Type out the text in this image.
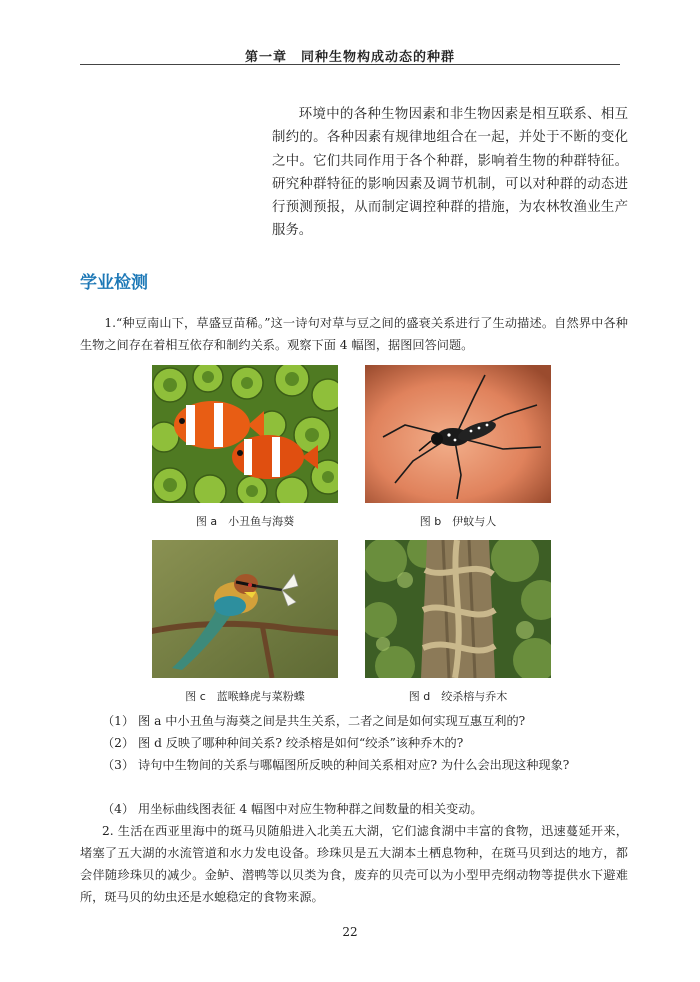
第一章　同种生物构成动态的种群
环境中的各种生物因素和非生物因素是相互联系、相互制约的。各种因素有规律地组合在一起，并处于不断的变化之中。它们共同作用于各个种群，影响着生物的种群特征。研究种群特征的影响因素及调节机制，可以对种群的动态进行预测预报，从而制定调控种群的措施，为农林牧渔业生产服务。
学业检测
1.“种豆南山下，草盛豆苗稀。”这一诗句对草与豆之间的盛衰关系进行了生动描述。自然界中各种生物之间存在着相互依存和制约关系。观察下面 4 幅图，据图回答问题。
图 a　小丑鱼与海葵	图 b　伊蚊与人
图 c　蓝喉蜂虎与菜粉蝶	图 d　绞杀榕与乔木
（1） 图 a 中小丑鱼与海葵之间是共生关系，二者之间是如何实现互惠互利的?
（2） 图 d 反映了哪种种间关系? 绞杀榕是如何“绞杀”该种乔木的?
（3） 诗句中生物间的关系与哪幅图所反映的种间关系相对应? 为什么会出现这种现象?
（4） 用坐标曲线图表征 4 幅图中对应生物种群之间数量的相关变动。
2. 生活在西亚里海中的斑马贝随船进入北美五大湖，它们滤食湖中丰富的食物，迅速蔓延开来，堵塞了五大湖的水流管道和水力发电设备。珍珠贝是五大湖本土栖息物种，在斑马贝到达的地方，都会伴随珍珠贝的减少。金鲈、潜鸭等以贝类为食，废弃的贝壳可以为小型甲壳纲动物等提供水下避难所，斑马贝的幼虫还是水螅稳定的食物来源。
22
